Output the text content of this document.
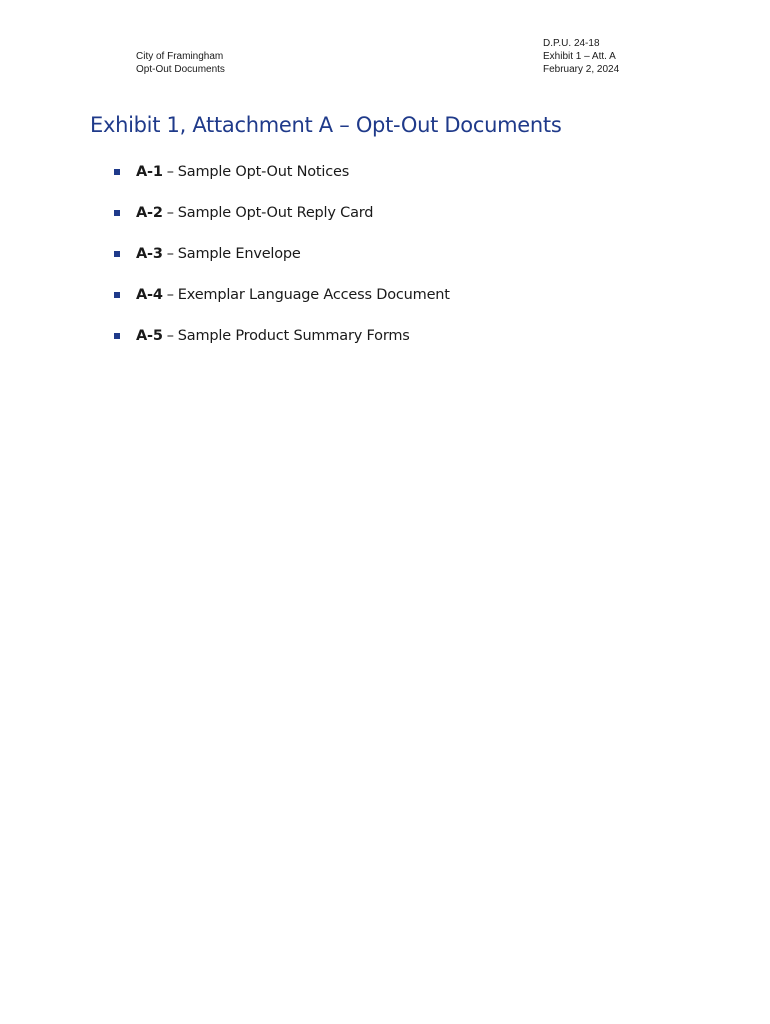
City of Framingham
Opt-Out Documents
D.P.U. 24-18
Exhibit 1 – Att. A
February 2, 2024
Exhibit 1, Attachment A – Opt-Out Documents
A-1 – Sample Opt-Out Notices
A-2 – Sample Opt-Out Reply Card
A-3 – Sample Envelope
A-4 – Exemplar Language Access Document
A-5 – Sample Product Summary Forms
